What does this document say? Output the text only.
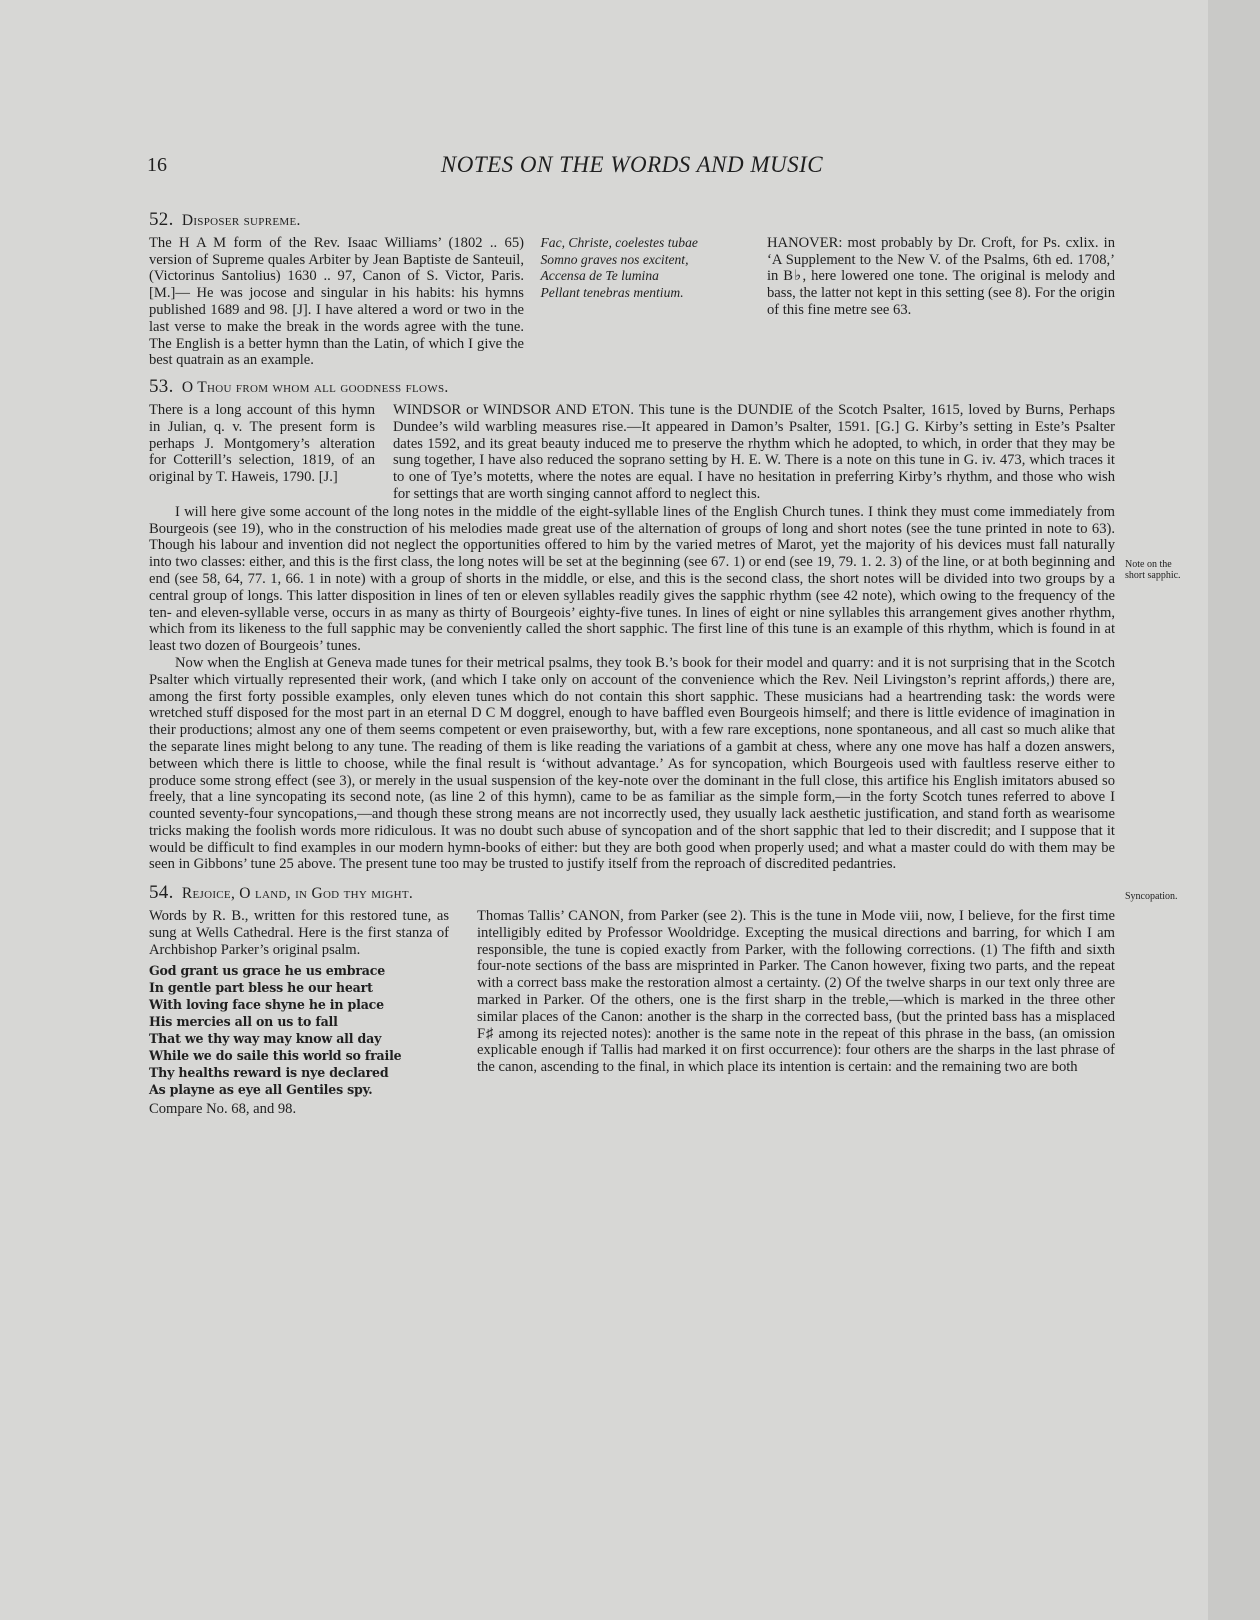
16	NOTES ON THE WORDS AND MUSIC
52. Disposer supreme.

The H A M form of the Rev. Isaac Williams’ (1802 .. 65) version of Supreme quales Arbiter by Jean Baptiste de Santeuil, (Victorinus Santolius) 1630 .. 97, Canon of S. Victor, Paris. [M.]— He was jocose and singular in his habits: his hymns published 1689 and 98. [J]. I have altered a word or two in the last verse to make the break in the words agree with the tune. The English is a better hymn than the Latin, of which I give the best quatrain as an example.

Fac, Christe, coelestes tubae
Somno graves nos excitent,
Accensa de Te lumina
Pellant tenebras mentium.

HANOVER: most probably by Dr. Croft, for Ps. cxlix. in ‘A Supplement to the New V. of the Psalms, 6th ed. 1708,’ in B♭, here lowered one tone. The original is melody and bass, the latter not kept in this setting (see 8). For the origin of this fine metre see 63.

53. O Thou from whom all goodness flows.

There is a long account of this hymn in Julian, q. v. The present form is perhaps J. Montgomery’s alteration for Cotterill’s selection, 1819, of an original by T. Haweis, 1790. [J.]

WINDSOR or WINDSOR AND ETON. This tune is the DUNDIE of the Scotch Psalter, 1615, loved by Burns, Perhaps Dundee’s wild warbling measures rise.—It appeared in Damon’s Psalter, 1591. [G.] G. Kirby’s setting in Este’s Psalter dates 1592, and its great beauty induced me to preserve the rhythm which he adopted, to which, in order that they may be sung together, I have also reduced the soprano setting by H. E. W. There is a note on this tune in G. iv. 473, which traces it to one of Tye’s motetts, where the notes are equal. I have no hesitation in preferring Kirby’s rhythm, and those who wish for settings that are worth singing cannot afford to neglect this.

Note on the short sapphic.
Syncopation.

I will here give some account of the long notes in the middle of the eight-syllable lines of the English Church tunes. I think they must come immediately from Bourgeois (see 19), who in the construction of his melodies made great use of the alternation of groups of long and short notes (see the tune printed in note to 63). Though his labour and invention did not neglect the opportunities offered to him by the varied metres of Marot, yet the majority of his devices must fall naturally into two classes: either, and this is the first class, the long notes will be set at the beginning (see 67. 1) or end (see 19, 79. 1. 2. 3) of the line, or at both beginning and end (see 58, 64, 77. 1, 66. 1 in note) with a group of shorts in the middle, or else, and this is the second class, the short notes will be divided into two groups by a central group of longs. This latter disposition in lines of ten or eleven syllables readily gives the sapphic rhythm (see 42 note), which owing to the frequency of the ten- and eleven-syllable verse, occurs in as many as thirty of Bourgeois’ eighty-five tunes. In lines of eight or nine syllables this arrangement gives another rhythm, which from its likeness to the full sapphic may be conveniently called the short sapphic. The first line of this tune is an example of this rhythm, which is found in at least two dozen of Bourgeois’ tunes.

Now when the English at Geneva made tunes for their metrical psalms, they took B.’s book for their model and quarry: and it is not surprising that in the Scotch Psalter which virtually represented their work, (and which I take only on account of the convenience which the Rev. Neil Livingston’s reprint affords,) there are, among the first forty possible examples, only eleven tunes which do not contain this short sapphic. These musicians had a heartrending task: the words were wretched stuff disposed for the most part in an eternal D C M doggrel, enough to have baffled even Bourgeois himself; and there is little evidence of imagination in their productions; almost any one of them seems competent or even praiseworthy, but, with a few rare exceptions, none spontaneous, and all cast so much alike that the separate lines might belong to any tune. The reading of them is like reading the variations of a gambit at chess, where any one move has half a dozen answers, between which there is little to choose, while the final result is ‘without advantage.’ As for syncopation, which Bourgeois used with faultless reserve either to produce some strong effect (see 3), or merely in the usual suspension of the key-note over the dominant in the full close, this artifice his English imitators abused so freely, that a line syncopating its second note, (as line 2 of this hymn), came to be as familiar as the simple form,—in the forty Scotch tunes referred to above I counted seventy-four syncopations,—and though these strong means are not incorrectly used, they usually lack aesthetic justification, and stand forth as wearisome tricks making the foolish words more ridiculous. It was no doubt such abuse of syncopation and of the short sapphic that led to their discredit; and I suppose that it would be difficult to find examples in our modern hymn-books of either: but they are both good when properly used; and what a master could do with them may be seen in Gibbons’ tune 25 above. The present tune too may be trusted to justify itself from the reproach of discredited pedantries.

54. Rejoice, O land, in God thy might.

Words by R. B., written for this restored tune, as sung at Wells Cathedral. Here is the first stanza of Archbishop Parker’s original psalm.

God grant us grace he us embrace
In gentle part bless he our heart
With loving face shyne he in place
His mercies all on us to fall
That we thy way may know all day
While we do saile this world so fraile
Thy healths reward is nye declared
As playne as eye all Gentiles spy.

Compare No. 68, and 98.

Thomas Tallis’ CANON, from Parker (see 2). This is the tune in Mode viii, now, I believe, for the first time intelligibly edited by Professor Wooldridge. Excepting the musical directions and barring, for which I am responsible, the tune is copied exactly from Parker, with the following corrections. (1) The fifth and sixth four-note sections of the bass are misprinted in Parker. The Canon however, fixing two parts, and the repeat with a correct bass make the restoration almost a certainty. (2) Of the twelve sharps in our text only three are marked in Parker. Of the others, one is the first sharp in the treble,—which is marked in the three other similar places of the Canon: another is the sharp in the corrected bass, (but the printed bass has a misplaced F♯ among its rejected notes): another is the same note in the repeat of this phrase in the bass, (an omission explicable enough if Tallis had marked it on first occurrence): four others are the sharps in the last phrase of the canon, ascending to the final, in which place its intention is certain: and the remaining two are both
